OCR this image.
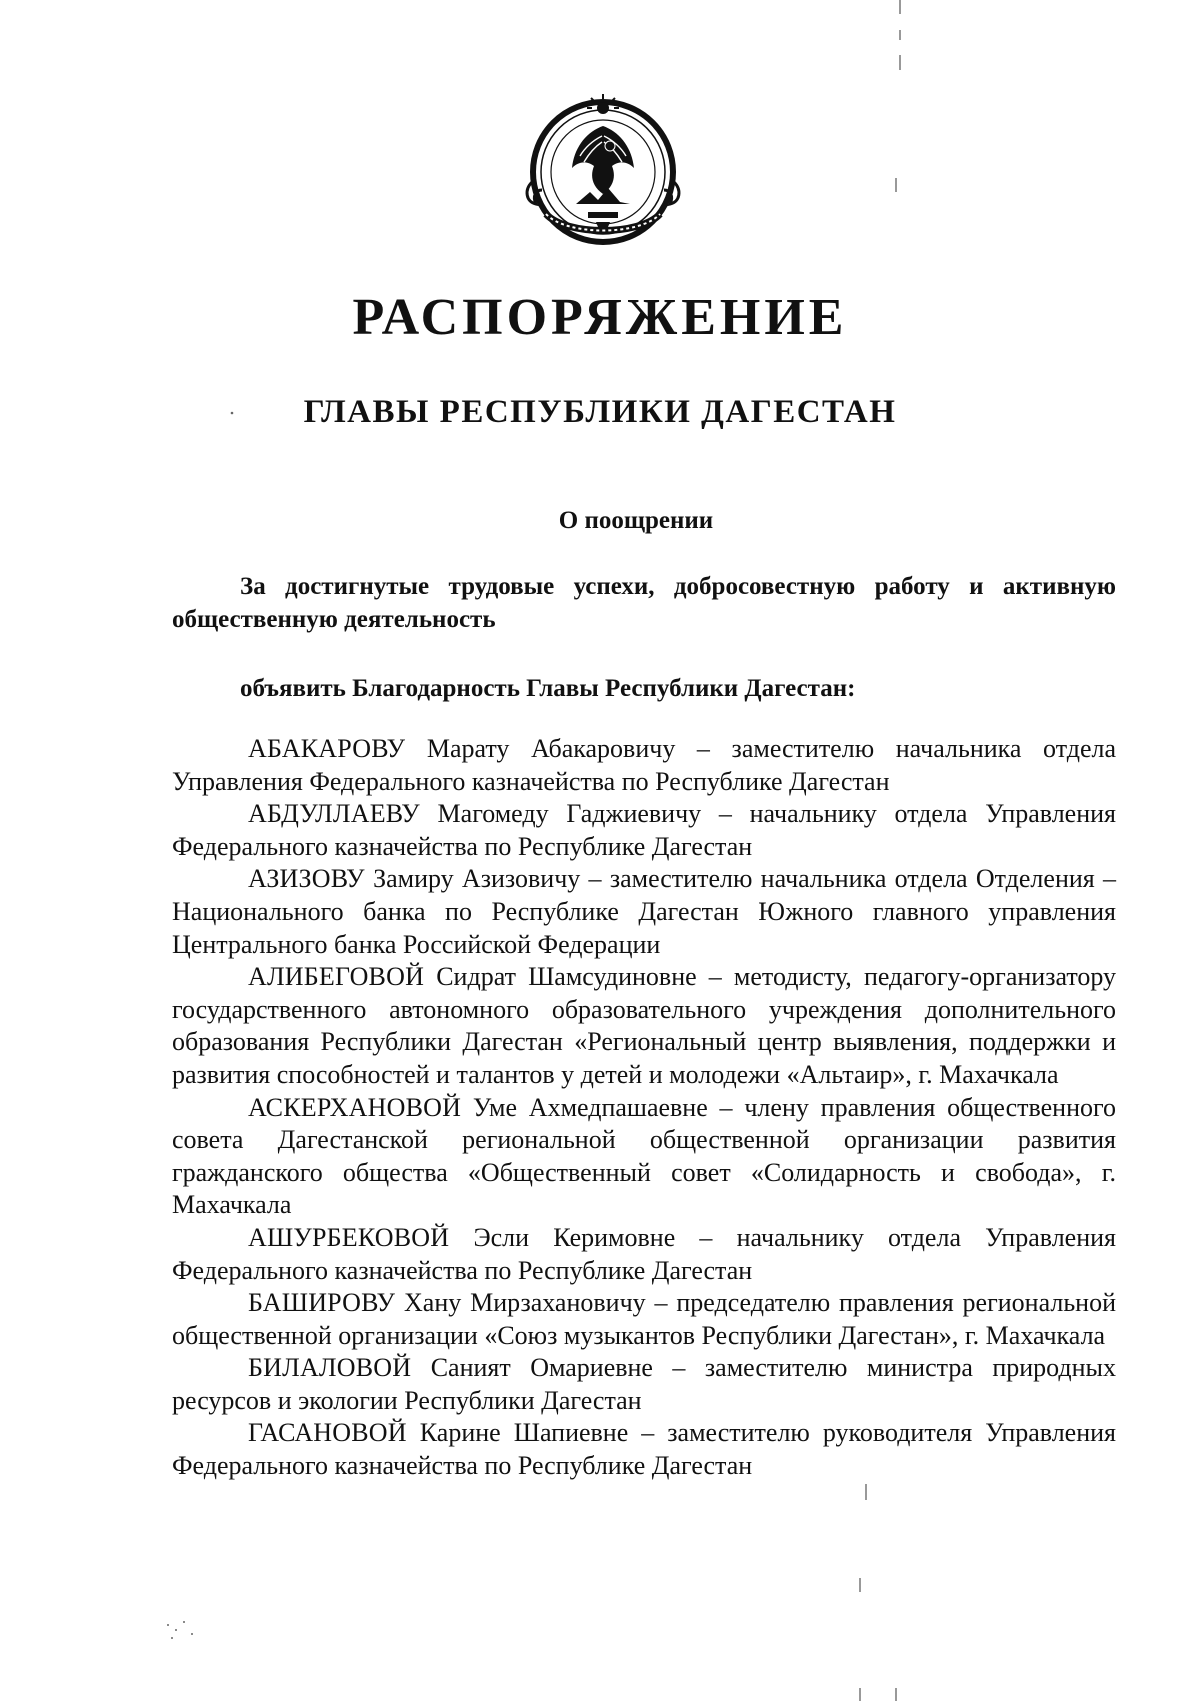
РАСПОРЯЖЕНИЕ
ГЛАВЫ РЕСПУБЛИКИ ДАГЕСТАН
О поощрении
За достигнутые трудовые успехи, добросовестную работу и активную общественную деятельность
объявить Благодарность Главы Республики Дагестан:

АБАКАРОВУ Марату Абакаровичу – заместителю начальника отдела Управления Федерального казначейства по Республике Дагестан

АБДУЛЛАЕВУ Магомеду Гаджиевичу – начальнику отдела Управления Федерального казначейства по Республике Дагестан

АЗИЗОВУ Замиру Азизовичу – заместителю начальника отдела Отделения – Национального банка по Республике Дагестан Южного главного управления Центрального банка Российской Федерации

АЛИБЕГОВОЙ Сидрат Шамсудиновне – методисту, педагогу-организатору государственного автономного образовательного учреждения дополнительного образования Республики Дагестан «Региональный центр выявления, поддержки и развития способностей и талантов у детей и молодежи «Альтаир», г. Махачкала

АСКЕРХАНОВОЙ Уме Ахмедпашаевне – члену правления общественного совета Дагестанской региональной общественной организации развития гражданского общества «Общественный совет «Солидарность и свобода», г. Махачкала

АШУРБЕКОВОЙ Эсли Керимовне – начальнику отдела Управления Федерального казначейства по Республике Дагестан

БАШИРОВУ Хану Мирзахановичу – председателю правления региональной общественной организации «Союз музыкантов Республики Дагестан», г. Махачкала

БИЛАЛОВОЙ Саният Омариевне – заместителю министра природных ресурсов и экологии Республики Дагестан

ГАСАНОВОЙ Карине Шапиевне – заместителю руководителя Управления Федерального казначейства по Республике Дагестан
